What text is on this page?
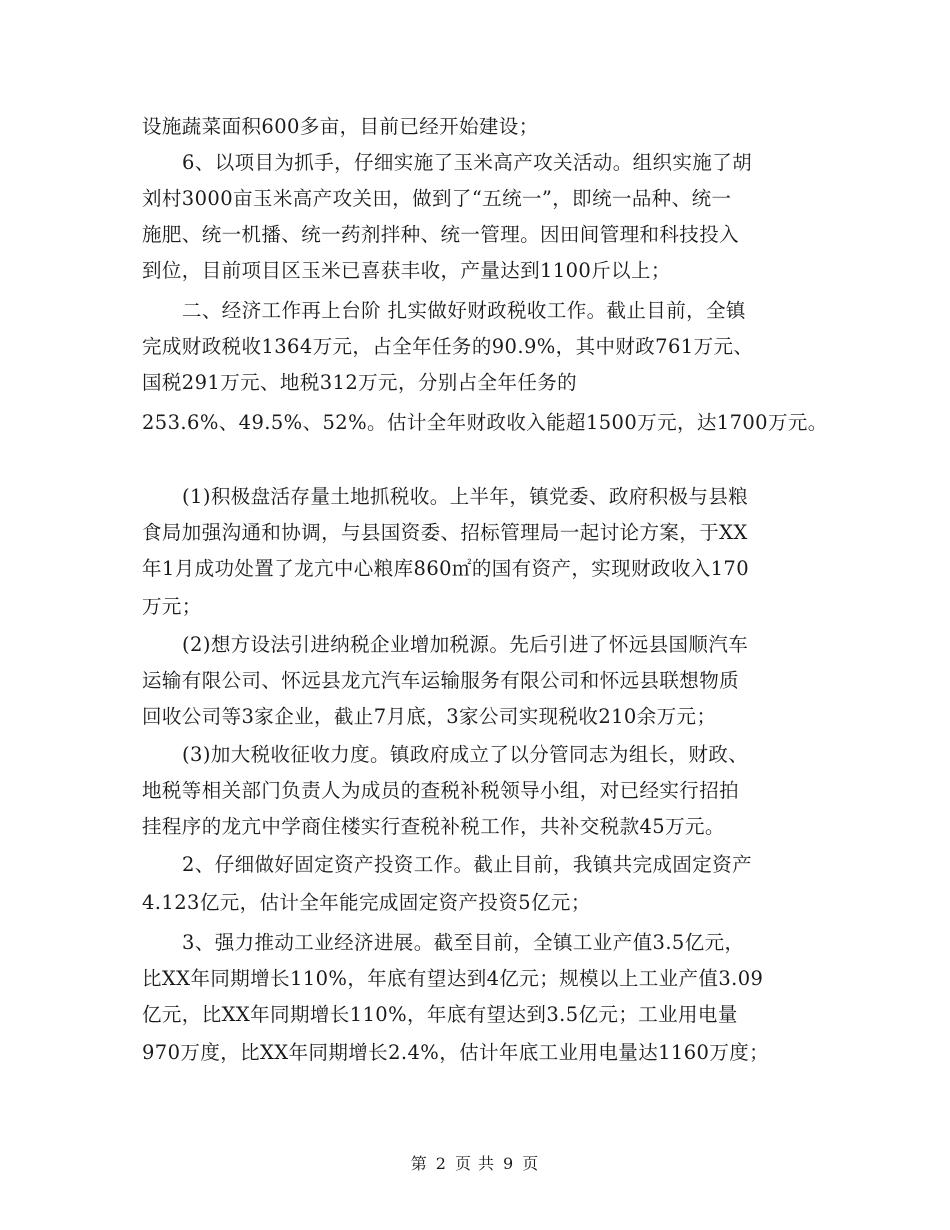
设施蔬菜面积600多亩，目前已经开始建设；
6、以项目为抓手，仔细实施了玉米高产攻关活动。组织实施了胡
刘村3000亩玉米高产攻关田，做到了“五统一”，即统一品种、统一
施肥、统一机播、统一药剂拌种、统一管理。因田间管理和科技投入
到位，目前项目区玉米已喜获丰收，产量达到1100斤以上；
二、经济工作再上台阶 扎实做好财政税收工作。截止目前，全镇
完成财政税收1364万元，占全年任务的90.9%，其中财政761万元、
国税291万元、地税312万元，分别占全年任务的
253.6%、49.5%、52%。估计全年财政收入能超1500万元，达1700万元。
(1)积极盘活存量土地抓税收。上半年，镇党委、政府积极与县粮
食局加强沟通和协调，与县国资委、招标管理局一起讨论方案，于XX
年1月成功处置了龙亢中心粮库860㎡的国有资产，实现财政收入170
万元；
(2)想方设法引进纳税企业增加税源。先后引进了怀远县国顺汽车
运输有限公司、怀远县龙亢汽车运输服务有限公司和怀远县联想物质
回收公司等3家企业，截止7月底，3家公司实现税收210余万元；
(3)加大税收征收力度。镇政府成立了以分管同志为组长，财政、
地税等相关部门负责人为成员的查税补税领导小组，对已经实行招拍
挂程序的龙亢中学商住楼实行查税补税工作，共补交税款45万元。
2、仔细做好固定资产投资工作。截止目前，我镇共完成固定资产
4.123亿元，估计全年能完成固定资产投资5亿元；
3、强力推动工业经济进展。截至目前，全镇工业产值3.5亿元，
比XX年同期增长110%，年底有望达到4亿元；规模以上工业产值3.09
亿元，比XX年同期增长110%，年底有望达到3.5亿元；工业用电量
970万度，比XX年同期增长2.4%，估计年底工业用电量达1160万度；
第 2 页 共 9 页
